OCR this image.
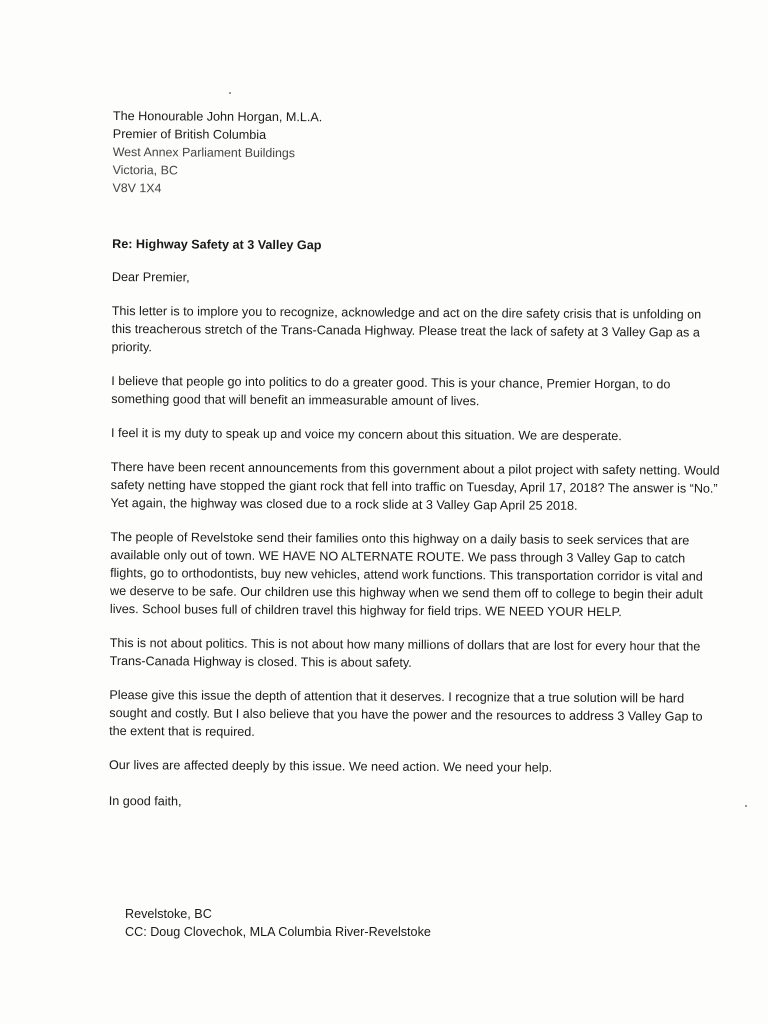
The Honourable John Horgan, M.L.A.
Premier of British Columbia
West Annex Parliament Buildings
Victoria, BC
V8V 1X4
Re: Highway Safety at 3 Valley Gap
Dear Premier,

This letter is to implore you to recognize, acknowledge and act on the dire safety crisis that is unfolding on this treacherous stretch of the Trans-Canada Highway. Please treat the lack of safety at 3 Valley Gap as a priority.

I believe that people go into politics to do a greater good. This is your chance, Premier Horgan, to do something good that will benefit an immeasurable amount of lives.

I feel it is my duty to speak up and voice my concern about this situation. We are desperate.

There have been recent announcements from this government about a pilot project with safety netting. Would safety netting have stopped the giant rock that fell into traffic on Tuesday, April 17, 2018? The answer is “No.” Yet again, the highway was closed due to a rock slide at 3 Valley Gap April 25 2018.

The people of Revelstoke send their families onto this highway on a daily basis to seek services that are available only out of town. WE HAVE NO ALTERNATE ROUTE. We pass through 3 Valley Gap to catch flights, go to orthodontists, buy new vehicles, attend work functions. This transportation corridor is vital and we deserve to be safe. Our children use this highway when we send them off to college to begin their adult lives. School buses full of children travel this highway for field trips. WE NEED YOUR HELP.

This is not about politics. This is not about how many millions of dollars that are lost for every hour that the Trans-Canada Highway is closed. This is about safety.

Please give this issue the depth of attention that it deserves. I recognize that a true solution will be hard sought and costly. But I also believe that you have the power and the resources to address 3 Valley Gap to the extent that is required.

Our lives are affected deeply by this issue. We need action. We need your help.

In good faith,
Revelstoke, BC
CC: Doug Clovechok, MLA Columbia River-Revelstoke
